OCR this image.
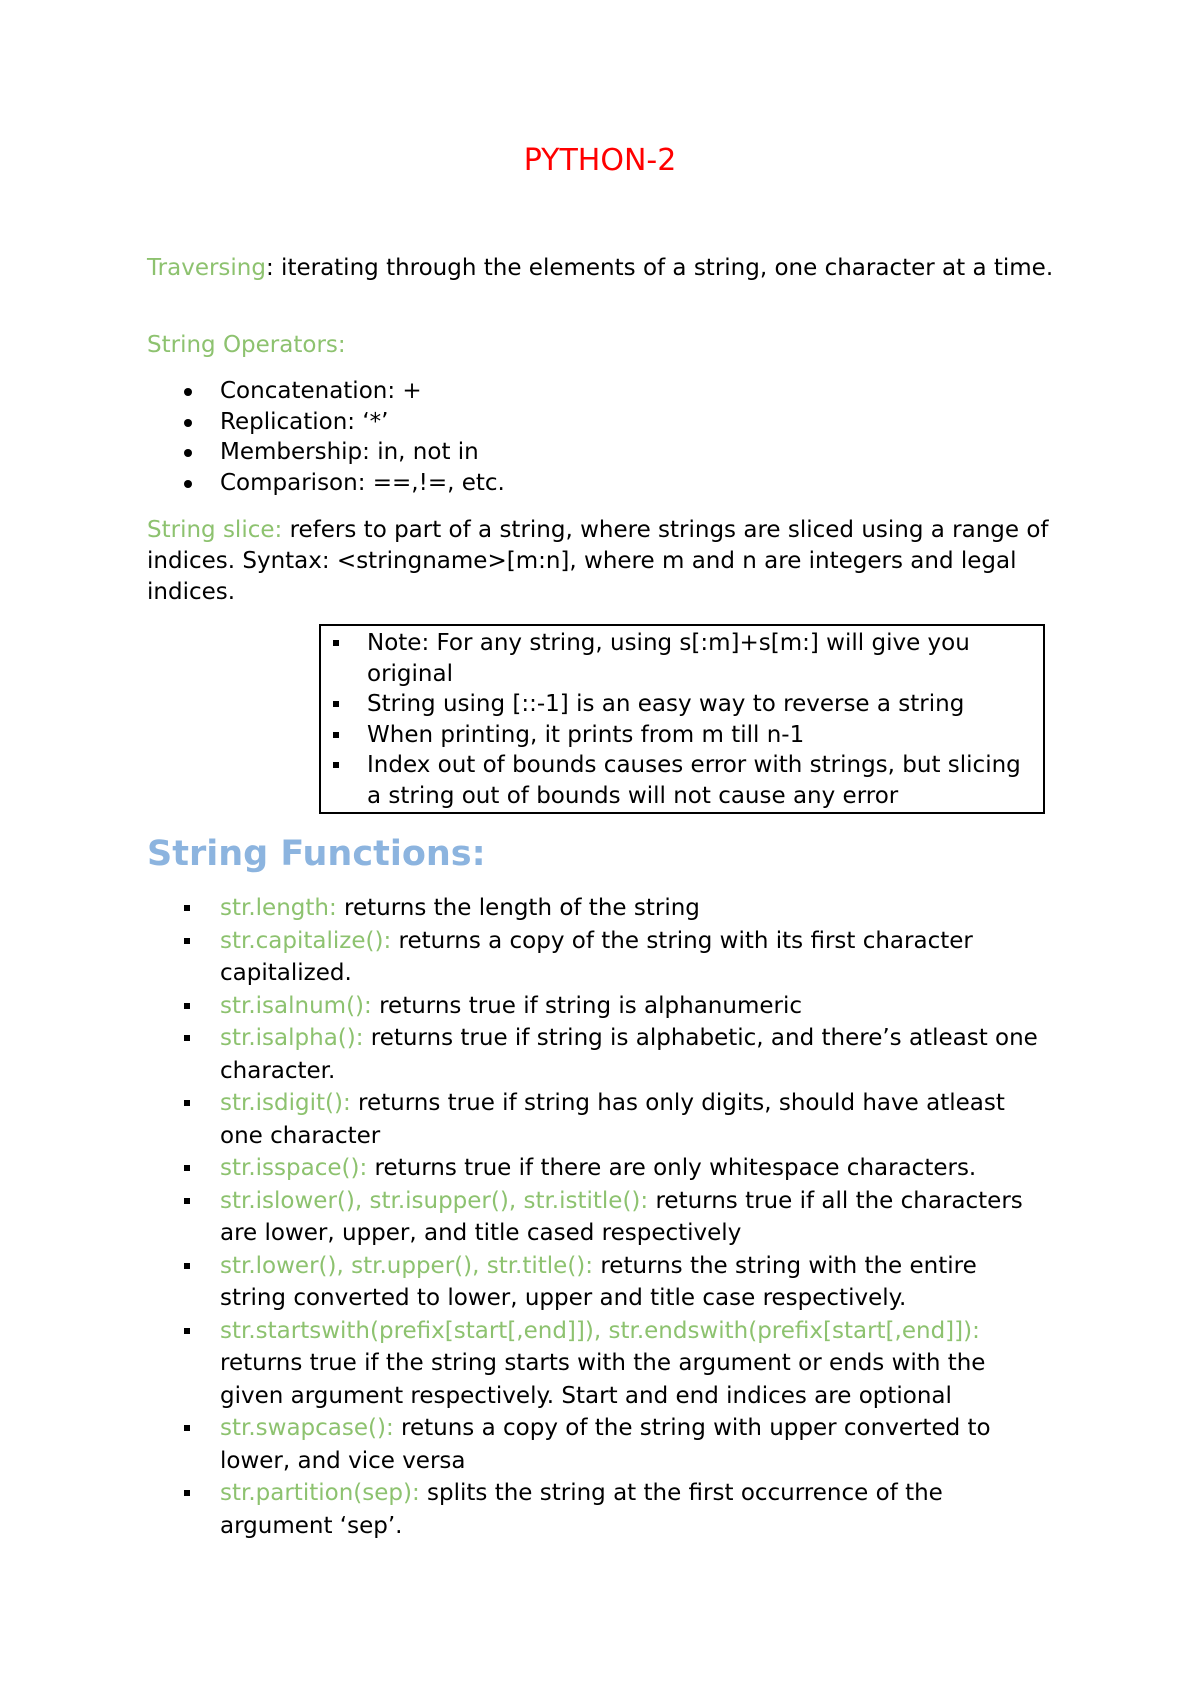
PYTHON-2

Traversing: iterating through the elements of a string, one character at a time.

String Operators:

Concatenation: +
Replication: ‘*’
Membership: in, not in
Comparison: ==,!=, etc.

String slice: refers to part of a string, where strings are sliced using a range of indices. Syntax: <stringname>[m:n], where m and n are integers and legal indices.

Note: For any string, using s[:m]+s[m:] will give you original
String using [::-1] is an easy way to reverse a string
When printing, it prints from m till n-1
Index out of bounds causes error with strings, but slicing a string out of bounds will not cause any error
String Functions:
str.length: returns the length of the string
str.capitalize(): returns a copy of the string with its first character capitalized.
str.isalnum(): returns true if string is alphanumeric
str.isalpha(): returns true if string is alphabetic, and there’s atleast one character.
str.isdigit(): returns true if string has only digits, should have atleast one character
str.isspace(): returns true if there are only whitespace characters.
str.islower(), str.isupper(), str.istitle(): returns true if all the characters are lower, upper, and title cased respectively
str.lower(), str.upper(), str.title(): returns the string with the entire string converted to lower, upper and title case respectively.
str.startswith(prefix[start[,end]]), str.endswith(prefix[start[,end]]): returns true if the string starts with the argument or ends with the given argument respectively. Start and end indices are optional
str.swapcase(): retuns a copy of the string with upper converted to lower, and vice versa
str.partition(sep): splits the string at the first occurrence of the argument ‘sep’.
